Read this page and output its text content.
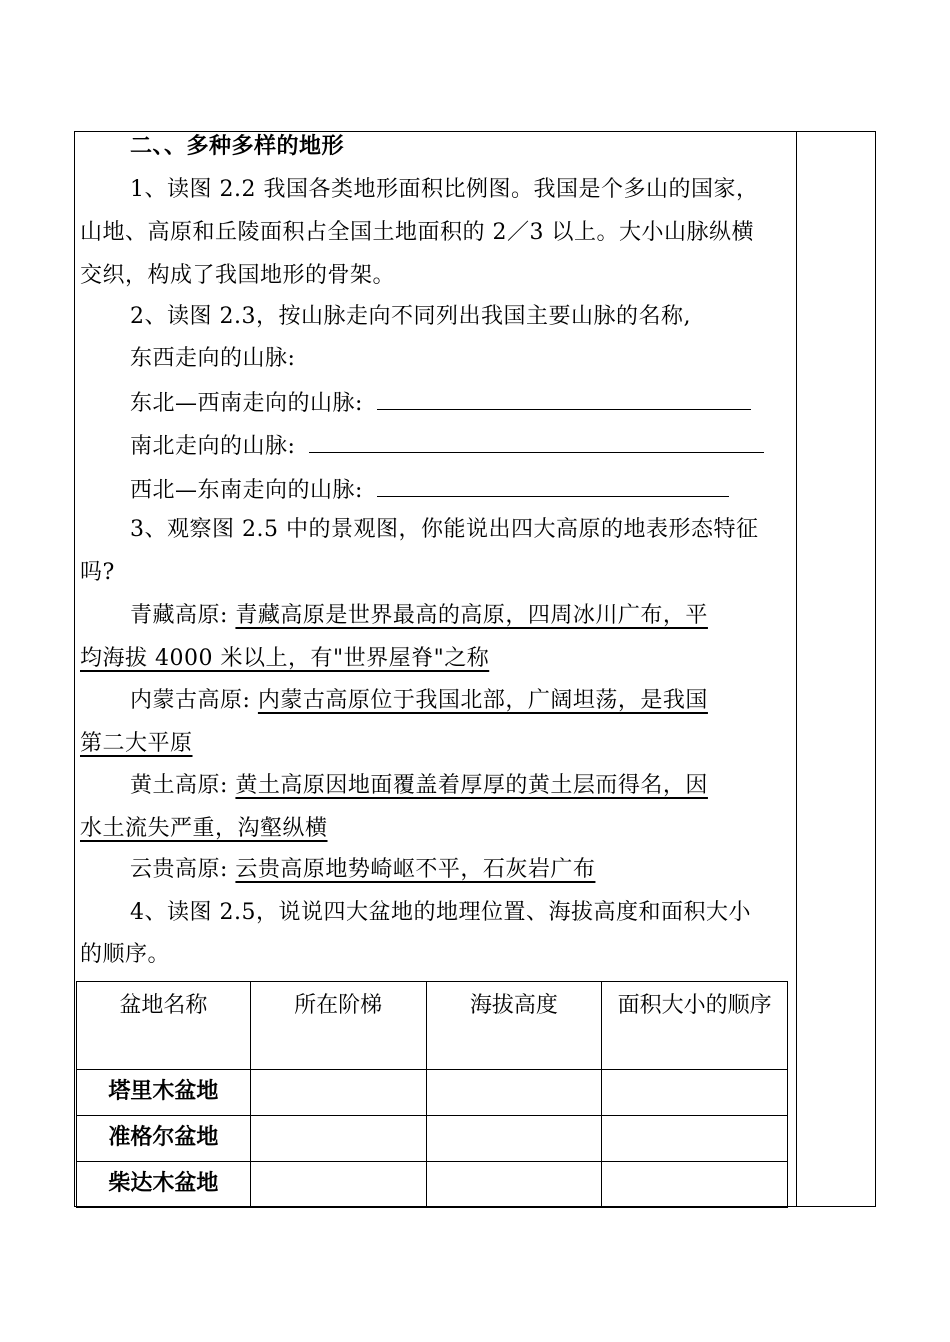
二、、多种多样的地形
1、读图 2.2 我国各类地形面积比例图。我国是个多山的国家，
山地、高原和丘陵面积占全国土地面积的 2／3 以上。大小山脉纵横
交织，构成了我国地形的骨架。
2、读图 2.3，按山脉走向不同列出我国主要山脉的名称,
东西走向的山脉:
东北—西南走向的山脉:
南北走向的山脉:
西北—东南走向的山脉:
3、观察图 2.5 中的景观图，你能说出四大高原的地表形态特征
吗?
青藏高原: 青藏高原是世界最高的高原，四周冰川广布，平
均海拔 4000 米以上，有"世界屋脊"之称
内蒙古高原: 内蒙古高原位于我国北部，广阔坦荡，是我国
第二大平原
黄土高原: 黄土高原因地面覆盖着厚厚的黄土层而得名，因
水土流失严重，沟壑纵横
云贵高原: 云贵高原地势崎岖不平，石灰岩广布
4、读图 2.5，说说四大盆地的地理位置、海拔高度和面积大小
的顺序。
盆地名称	所在阶梯	海拔高度	面积大小的顺序
塔里木盆地			
准格尔盆地			
柴达木盆地			
